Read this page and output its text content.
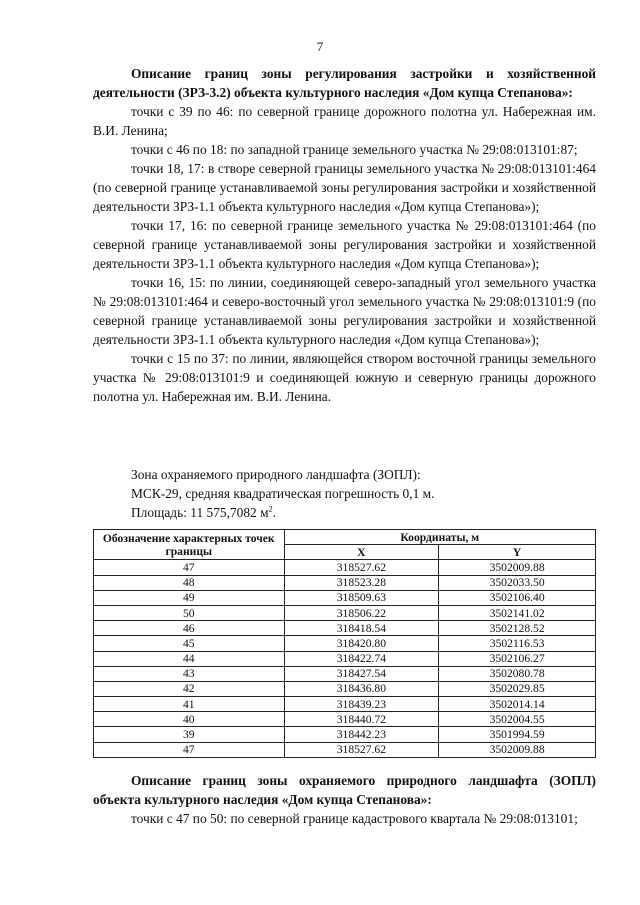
7
Описание границ зоны регулирования застройки и хозяйственной деятельности (ЗРЗ-3.2) объекта культурного наследия «Дом купца Степанова»:

точки с 39 по 46: по северной границе дорожного полотна ул. Набережная им. В.И. Ленина;

точки с 46 по 18: по западной границе земельного участка № 29:08:013101:87;

точки 18, 17: в створе северной границы земельного участка № 29:08:013101:464 (по северной границе устанавливаемой зоны регулирования застройки и хозяйственной деятельности ЗРЗ-1.1 объекта культурного наследия «Дом купца Степанова»);

точки 17, 16: по северной границе земельного участка № 29:08:013101:464 (по северной границе устанавливаемой зоны регулирования застройки и хозяйственной деятельности ЗРЗ-1.1 объекта культурного наследия «Дом купца Степанова»);

точки 16, 15: по линии, соединяющей северо-западный угол земельного участка № 29:08:013101:464 и северо-восточный угол земельного участка № 29:08:013101:9 (по северной границе устанавливаемой зоны регулирования застройки и хозяйственной деятельности ЗРЗ-1.1 объекта культурного наследия «Дом купца Степанова»);

точки с 15 по 37: по линии, являющейся створом восточной границы земельного участка № 29:08:013101:9 и соединяющей южную и северную границы дорожного полотна ул. Набережная им. В.И. Ленина.

Зона охраняемого природного ландшафта (ЗОПЛ):

МСК-29, средняя квадратическая погрешность 0,1 м.

Площадь: 11 575,7082 $м^2$.

Обозначение характерных точек границы	Координаты, м	
	X	Y
47	318527.62	3502009.88
48	318523.28	3502033.50
49	318509.63	3502106.40
50	318506.22	3502141.02
46	318418.54	3502128.52
45	318420.80	3502116.53
44	318422.74	3502106.27
43	318427.54	3502080.78
42	318436.80	3502029.85
41	318439.23	3502014.14
40	318440.72	3502004.55
39	318442.23	3501994.59
47	318527.62	3502009.88
Описание границ зоны охраняемого природного ландшафта (ЗОПЛ) объекта культурного наследия «Дом купца Степанова»:

точки с 47 по 50: по северной границе кадастрового квартала № 29:08:013101;
